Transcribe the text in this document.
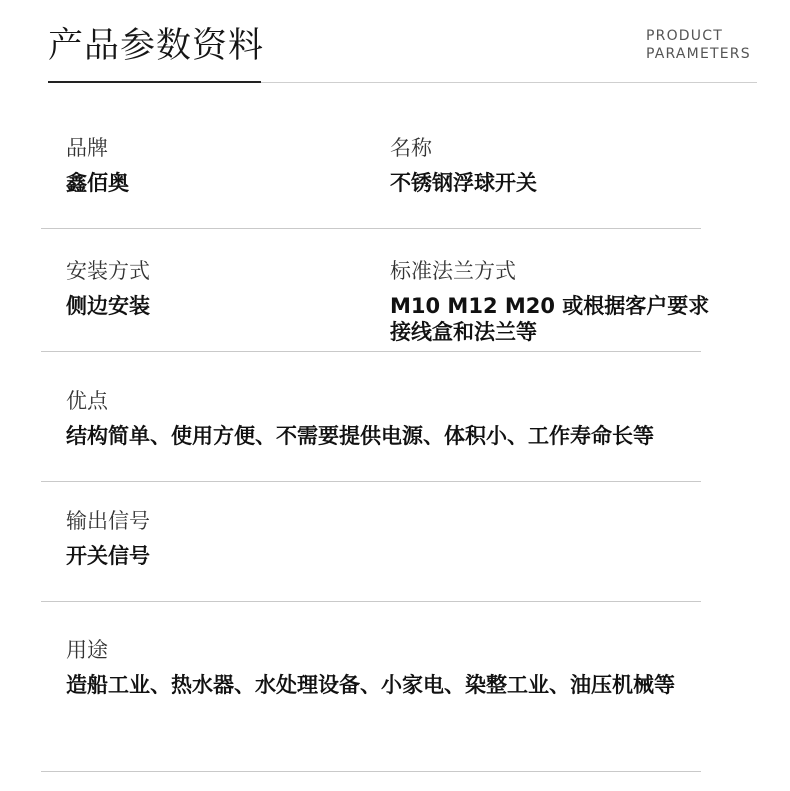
产品参数资料	PRODUCT
PARAMETERS
品牌
鑫佰奥
名称
不锈钢浮球开关
安装方式
侧边安装
标准法兰方式
M10 M12 M20 或根据客户要求
接线盒和法兰等
优点
结构简单、使用方便、不需要提供电源、体积小、工作寿命长等
输出信号
开关信号
用途
造船工业、热水器、水处理设备、小家电、染整工业、油压机械等
